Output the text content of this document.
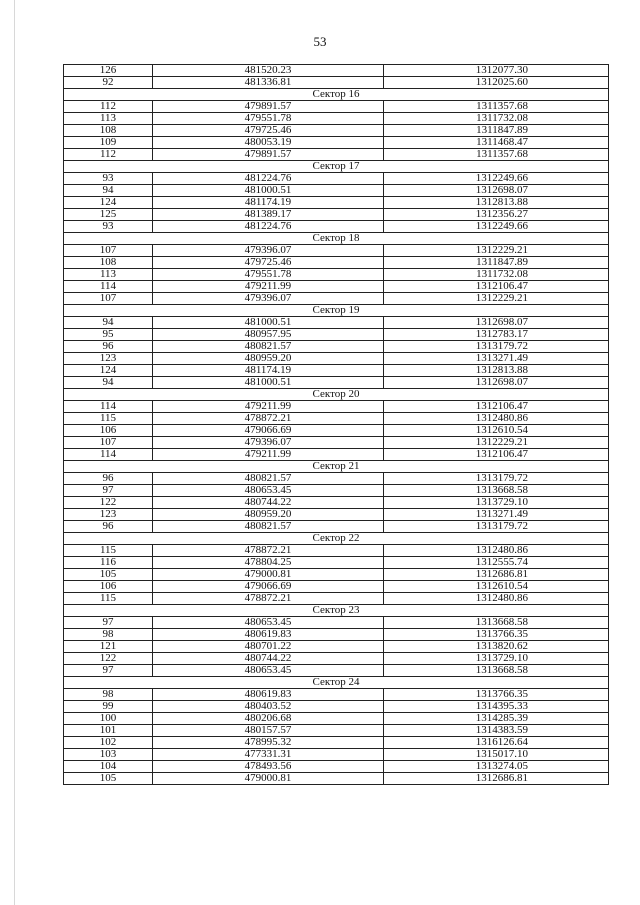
53
126	481520.23	1312077.30
92	481336.81	1312025.60
Сектор 16		
112	479891.57	1311357.68
113	479551.78	1311732.08
108	479725.46	1311847.89
109	480053.19	1311468.47
112	479891.57	1311357.68
Сектор 17		
93	481224.76	1312249.66
94	481000.51	1312698.07
124	481174.19	1312813.88
125	481389.17	1312356.27
93	481224.76	1312249.66
Сектор 18		
107	479396.07	1312229.21
108	479725.46	1311847.89
113	479551.78	1311732.08
114	479211.99	1312106.47
107	479396.07	1312229.21
Сектор 19		
94	481000.51	1312698.07
95	480957.95	1312783.17
96	480821.57	1313179.72
123	480959.20	1313271.49
124	481174.19	1312813.88
94	481000.51	1312698.07
Сектор 20		
114	479211.99	1312106.47
115	478872.21	1312480.86
106	479066.69	1312610.54
107	479396.07	1312229.21
114	479211.99	1312106.47
Сектор 21		
96	480821.57	1313179.72
97	480653.45	1313668.58
122	480744.22	1313729.10
123	480959.20	1313271.49
96	480821.57	1313179.72
Сектор 22		
115	478872.21	1312480.86
116	478804.25	1312555.74
105	479000.81	1312686.81
106	479066.69	1312610.54
115	478872.21	1312480.86
Сектор 23		
97	480653.45	1313668.58
98	480619.83	1313766.35
121	480701.22	1313820.62
122	480744.22	1313729.10
97	480653.45	1313668.58
Сектор 24		
98	480619.83	1313766.35
99	480403.52	1314395.33
100	480206.68	1314285.39
101	480157.57	1314383.59
102	478995.32	1316126.64
103	477331.31	1315017.10
104	478493.56	1313274.05
105	479000.81	1312686.81
